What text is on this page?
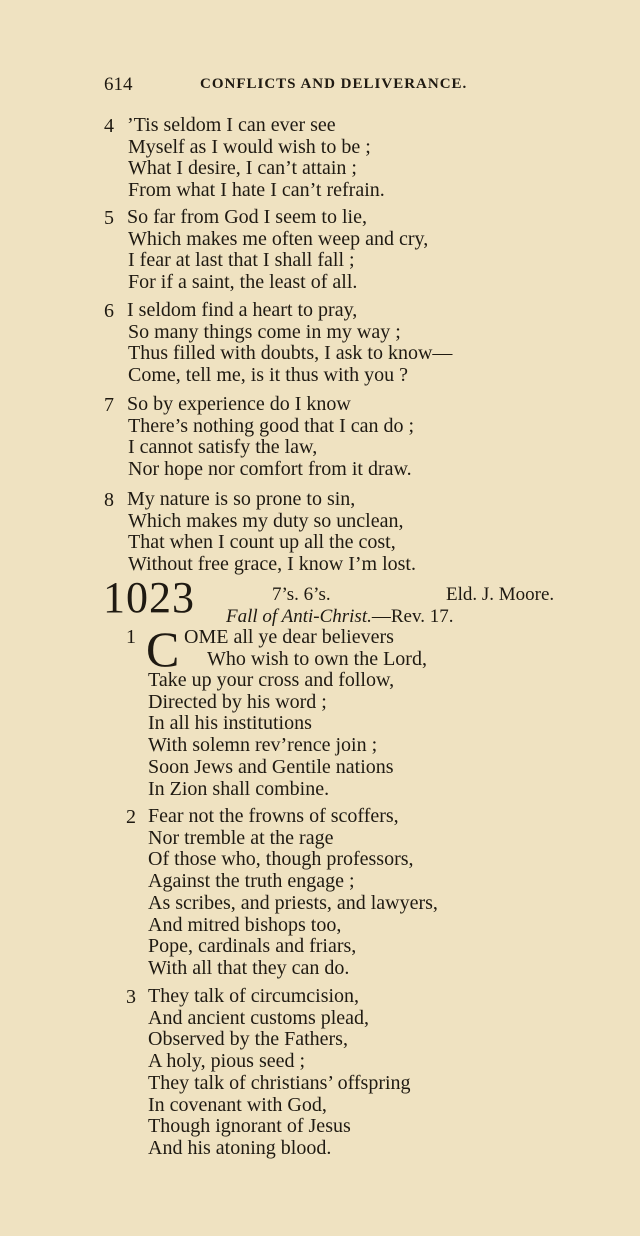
614	CONFLICTS AND DELIVERANCE.
4 ’Tis seldom I can ever see
Myself as I would wish to be ;
What I desire, I can’t attain ;
From what I hate I can’t refrain.
5 So far from God I seem to lie,
Which makes me often weep and cry,
I fear at last that I shall fall ;
For if a saint, the least of all.
6 I seldom find a heart to pray,
So many things come in my way ;
Thus filled with doubts, I ask to know—
Come, tell me, is it thus with you ?
7 So by experience do I know
There’s nothing good that I can do ;
I cannot satisfy the law,
Nor hope nor comfort from it draw.
8 My nature is so prone to sin,
Which makes my duty so unclean,
That when I count up all the cost,
Without free grace, I know I’m lost.
1023	7’s. 6’s.	Eld. J. Moore.
Fall of Anti-Christ.—Rev. 17.
1 C OME all ye dear believers
Who wish to own the Lord,
Take up your cross and follow,
Directed by his word ;
In all his institutions
With solemn rev’rence join ;
Soon Jews and Gentile nations
In Zion shall combine.
2 Fear not the frowns of scoffers,
Nor tremble at the rage
Of those who, though professors,
Against the truth engage ;
As scribes, and priests, and lawyers,
And mitred bishops too,
Pope, cardinals and friars,
With all that they can do.
3 They talk of circumcision,
And ancient customs plead,
Observed by the Fathers,
A holy, pious seed ;
They talk of christians’ offspring
In covenant with God,
Though ignorant of Jesus
And his atoning blood.
